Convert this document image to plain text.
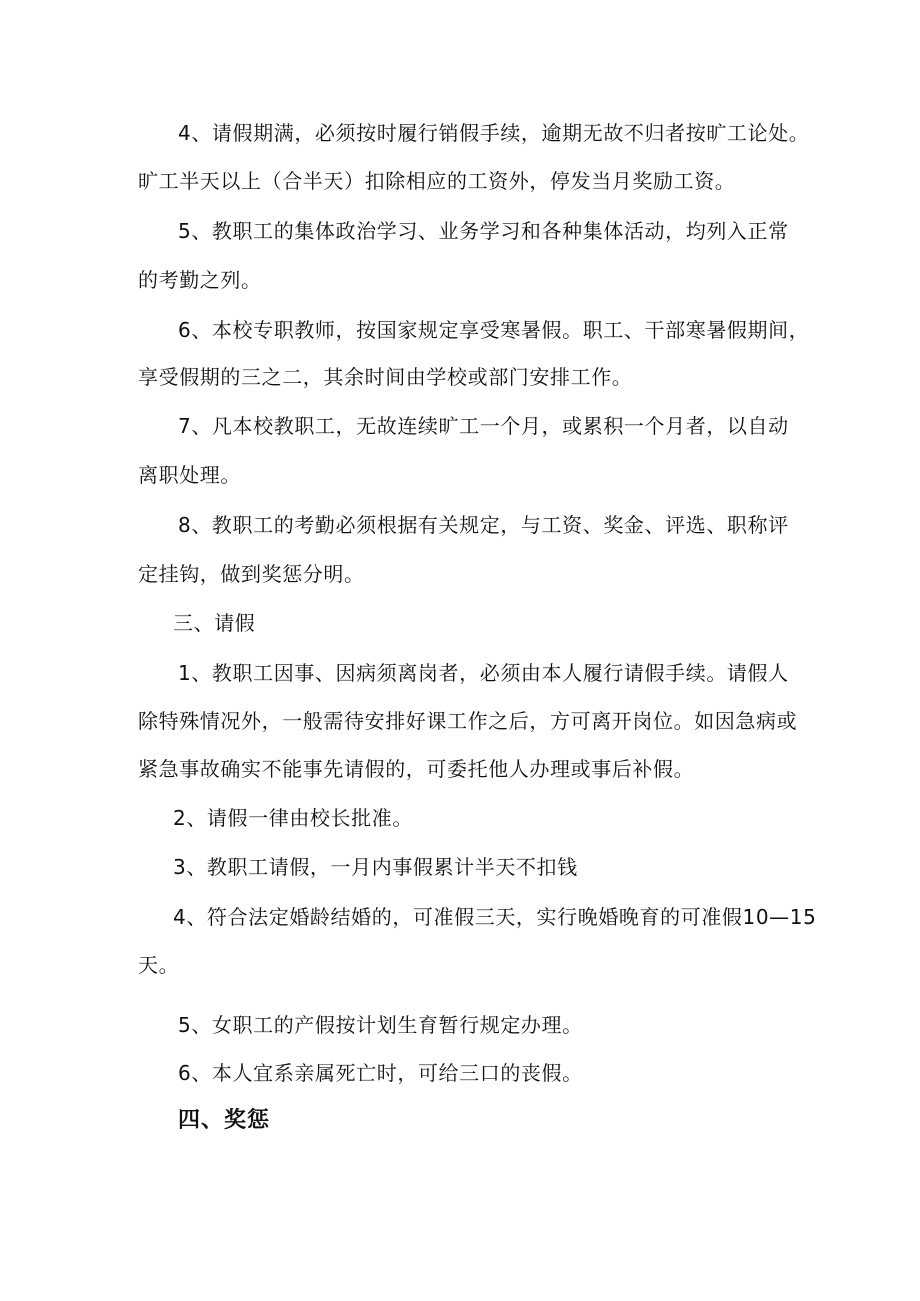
4、请假期满，必须按时履行销假手续，逾期无故不归者按旷工论处。
旷工半天以上（合半天）扣除相应的工资外，停发当月奖励工资。
5、教职工的集体政治学习、业务学习和各种集体活动，均列入正常
的考勤之列。
6、本校专职教师，按国家规定享受寒暑假。职工、干部寒暑假期间，
享受假期的三之二，其余时间由学校或部门安排工作。
7、凡本校教职工，无故连续旷工一个月，或累积一个月者，以自动
离职处理。
8、教职工的考勤必须根据有关规定，与工资、奖金、评选、职称评
定挂钩，做到奖惩分明。
三、请假
1、教职工因事、因病须离岗者，必须由本人履行请假手续。请假人
除特殊情况外，一般需待安排好课工作之后，方可离开岗位。如因急病或
紧急事故确实不能事先请假的，可委托他人办理或事后补假。
2、请假一律由校长批准。
3、教职工请假，一月内事假累计半天不扣钱
4、符合法定婚龄结婚的，可准假三天，实行晚婚晚育的可准假10—15
天。
5、女职工的产假按计划生育暂行规定办理。
6、本人宜系亲属死亡时，可给三口的丧假。
四、奖惩
